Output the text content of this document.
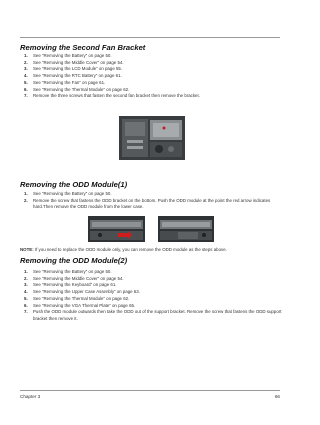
Removing the Second Fan Bracket
1.	See “Removing the Battery” on page 50.
2.	See “Removing the Middle Cover” on page 54.
3.	See “Removing the LCD Module” on page 55.
4.	See “Removing the RTC Battery” on page 61.
5.	See “Removing the Fan” on page 61.
6.	See “Removing the Thermal Module” on page 62.
7.	Remove the three screws that fasten the second fan bracket then remove the bracket.
Removing the ODD Module(1)
1.	See “Removing the Battery” on page 50.
2.	Remove the screw that fastens the ODD bracket on the bottom. Push the ODD module at the point the red arrow indicates hard.Then remove the ODD module from the lower case.
NOTE: If you need to replace the ODD module only, you can remove the ODD module as the steps above.
Removing the ODD Module(2)
1.	See “Removing the Battery” on page 50.
2.	See “Removing the Middle Cover” on page 54.
3.	See “Removing the Keyboard” on page 61.
4.	See “Removing the Upper Case Assenbly” on page 63.
5.	See “Removing the Thermal Module” on page 62.
6.	See “Removing the VGA Thermal Plate” on page 65.
7.	Push the ODD module outwards then take the ODD out of the support bracket. Remove the screw that fastens the ODD support bracket then remove it.
Chapter 3	66
